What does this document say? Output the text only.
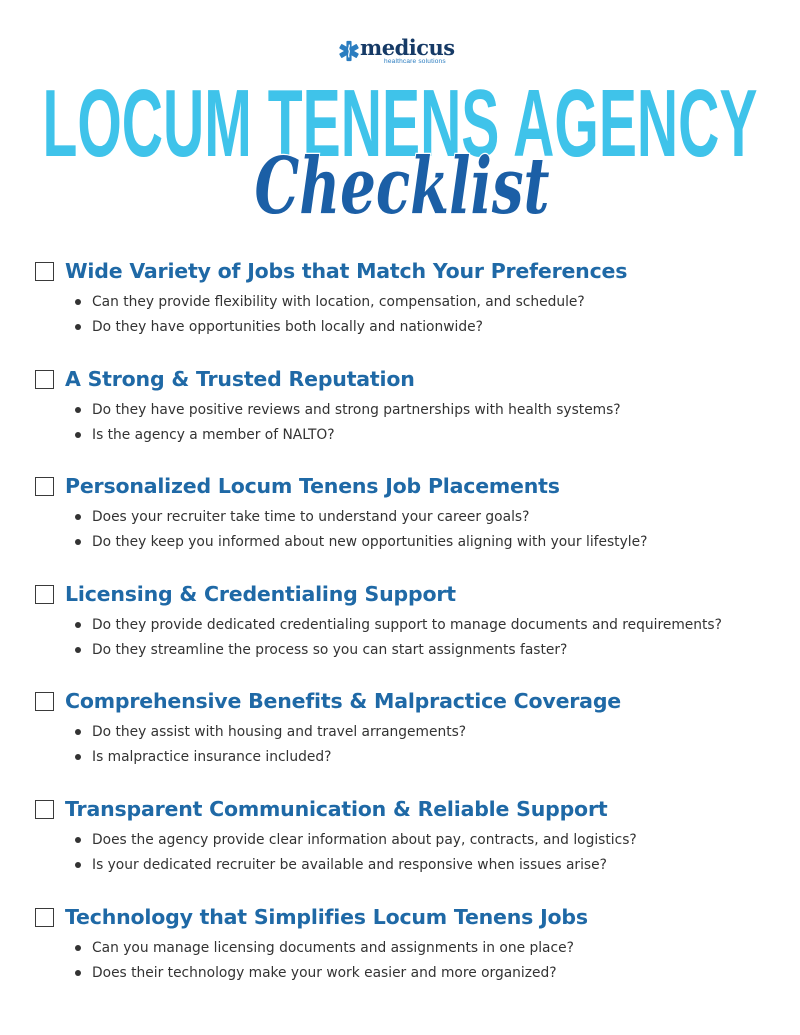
medicus
healthcare solutions
LOCUM TENENS AGENCY
Checklist
Wide Variety of Jobs that Match Your Preferences
Can they provide flexibility with location, compensation, and schedule?
Do they have opportunities both locally and nationwide?
A Strong & Trusted Reputation
Do they have positive reviews and strong partnerships with health systems?
Is the agency a member of NALTO?
Personalized Locum Tenens Job Placements
Does your recruiter take time to understand your career goals?
Do they keep you informed about new opportunities aligning with your lifestyle?
Licensing & Credentialing Support
Do they provide dedicated credentialing support to manage documents and requirements?
Do they streamline the process so you can start assignments faster?
Comprehensive Benefits & Malpractice Coverage
Do they assist with housing and travel arrangements?
Is malpractice insurance included?
Transparent Communication & Reliable Support
Does the agency provide clear information about pay, contracts, and logistics?
Is your dedicated recruiter be available and responsive when issues arise?
Technology that Simplifies Locum Tenens Jobs
Can you manage licensing documents and assignments in one place?
Does their technology make your work easier and more organized?
